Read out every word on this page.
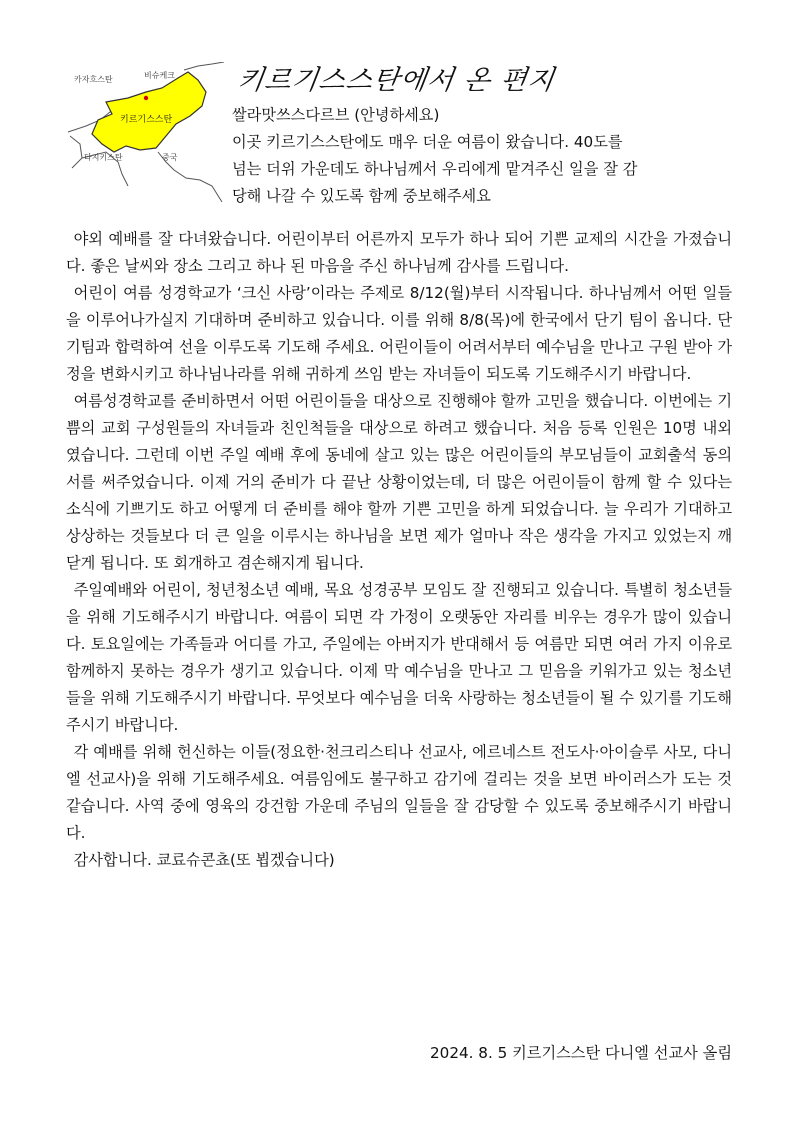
카자흐스탄	비슈케크
키르기스스탄
타지키스탄	중국
키르기스스탄에서 온 편지

쌀라맛쓰스다르브 (안녕하세요)

이곳 키르기스스탄에도 매우 더운 여름이 왔습니다. 40도를

넘는 더위 가운데도 하나님께서 우리에게 맡겨주신 일을 잘 감

당해 나갈 수 있도록 함께 중보해주세요

야외 예배를 잘 다녀왔습니다. 어린이부터 어른까지 모두가 하나 되어 기쁜 교제의 시간을 가졌습니다. 좋은 날씨와 장소 그리고 하나 된 마음을 주신 하나님께 감사를 드립니다.

어린이 여름 성경학교가 ‘크신 사랑’이라는 주제로 8/12(월)부터 시작됩니다. 하나님께서 어떤 일들을 이루어나가실지 기대하며 준비하고 있습니다. 이를 위해 8/8(목)에 한국에서 단기 팀이 옵니다. 단기팀과 합력하여 선을 이루도록 기도해 주세요. 어린이들이 어려서부터 예수님을 만나고 구원 받아 가정을 변화시키고 하나님나라를 위해 귀하게 쓰임 받는 자녀들이 되도록 기도해주시기 바랍니다.

여름성경학교를 준비하면서 어떤 어린이들을 대상으로 진행해야 할까 고민을 했습니다. 이번에는 기쁨의 교회 구성원들의 자녀들과 친인척들을 대상으로 하려고 했습니다. 처음 등록 인원은 10명 내외였습니다. 그런데 이번 주일 예배 후에 동네에 살고 있는 많은 어린이들의 부모님들이 교회출석 동의서를 써주었습니다. 이제 거의 준비가 다 끝난 상황이었는데, 더 많은 어린이들이 함께 할 수 있다는 소식에 기쁘기도 하고 어떻게 더 준비를 해야 할까 기쁜 고민을 하게 되었습니다. 늘 우리가 기대하고 상상하는 것들보다 더 큰 일을 이루시는 하나님을 보면 제가 얼마나 작은 생각을 가지고 있었는지 깨닫게 됩니다. 또 회개하고 겸손해지게 됩니다.

주일예배와 어린이, 청년청소년 예배, 목요 성경공부 모임도 잘 진행되고 있습니다. 특별히 청소년들을 위해 기도해주시기 바랍니다. 여름이 되면 각 가정이 오랫동안 자리를 비우는 경우가 많이 있습니다. 토요일에는 가족들과 어디를 가고, 주일에는 아버지가 반대해서 등 여름만 되면 여러 가지 이유로 함께하지 못하는 경우가 생기고 있습니다. 이제 막 예수님을 만나고 그 믿음을 키워가고 있는 청소년들을 위해 기도해주시기 바랍니다. 무엇보다 예수님을 더욱 사랑하는 청소년들이 될 수 있기를 기도해주시기 바랍니다.

각 예배를 위해 헌신하는 이들(정요한·천크리스티나 선교사, 에르네스트 전도사·아이슬루 사모, 다니엘 선교사)을 위해 기도해주세요. 여름임에도 불구하고 감기에 걸리는 것을 보면 바이러스가 도는 것 같습니다. 사역 중에 영육의 강건함 가운데 주님의 일들을 잘 감당할 수 있도록 중보해주시기 바랍니다.

감사합니다. 쿄료슈콘쵸(또 뵙겠습니다)

2024. 8. 5 키르기스스탄 다니엘 선교사 올림
